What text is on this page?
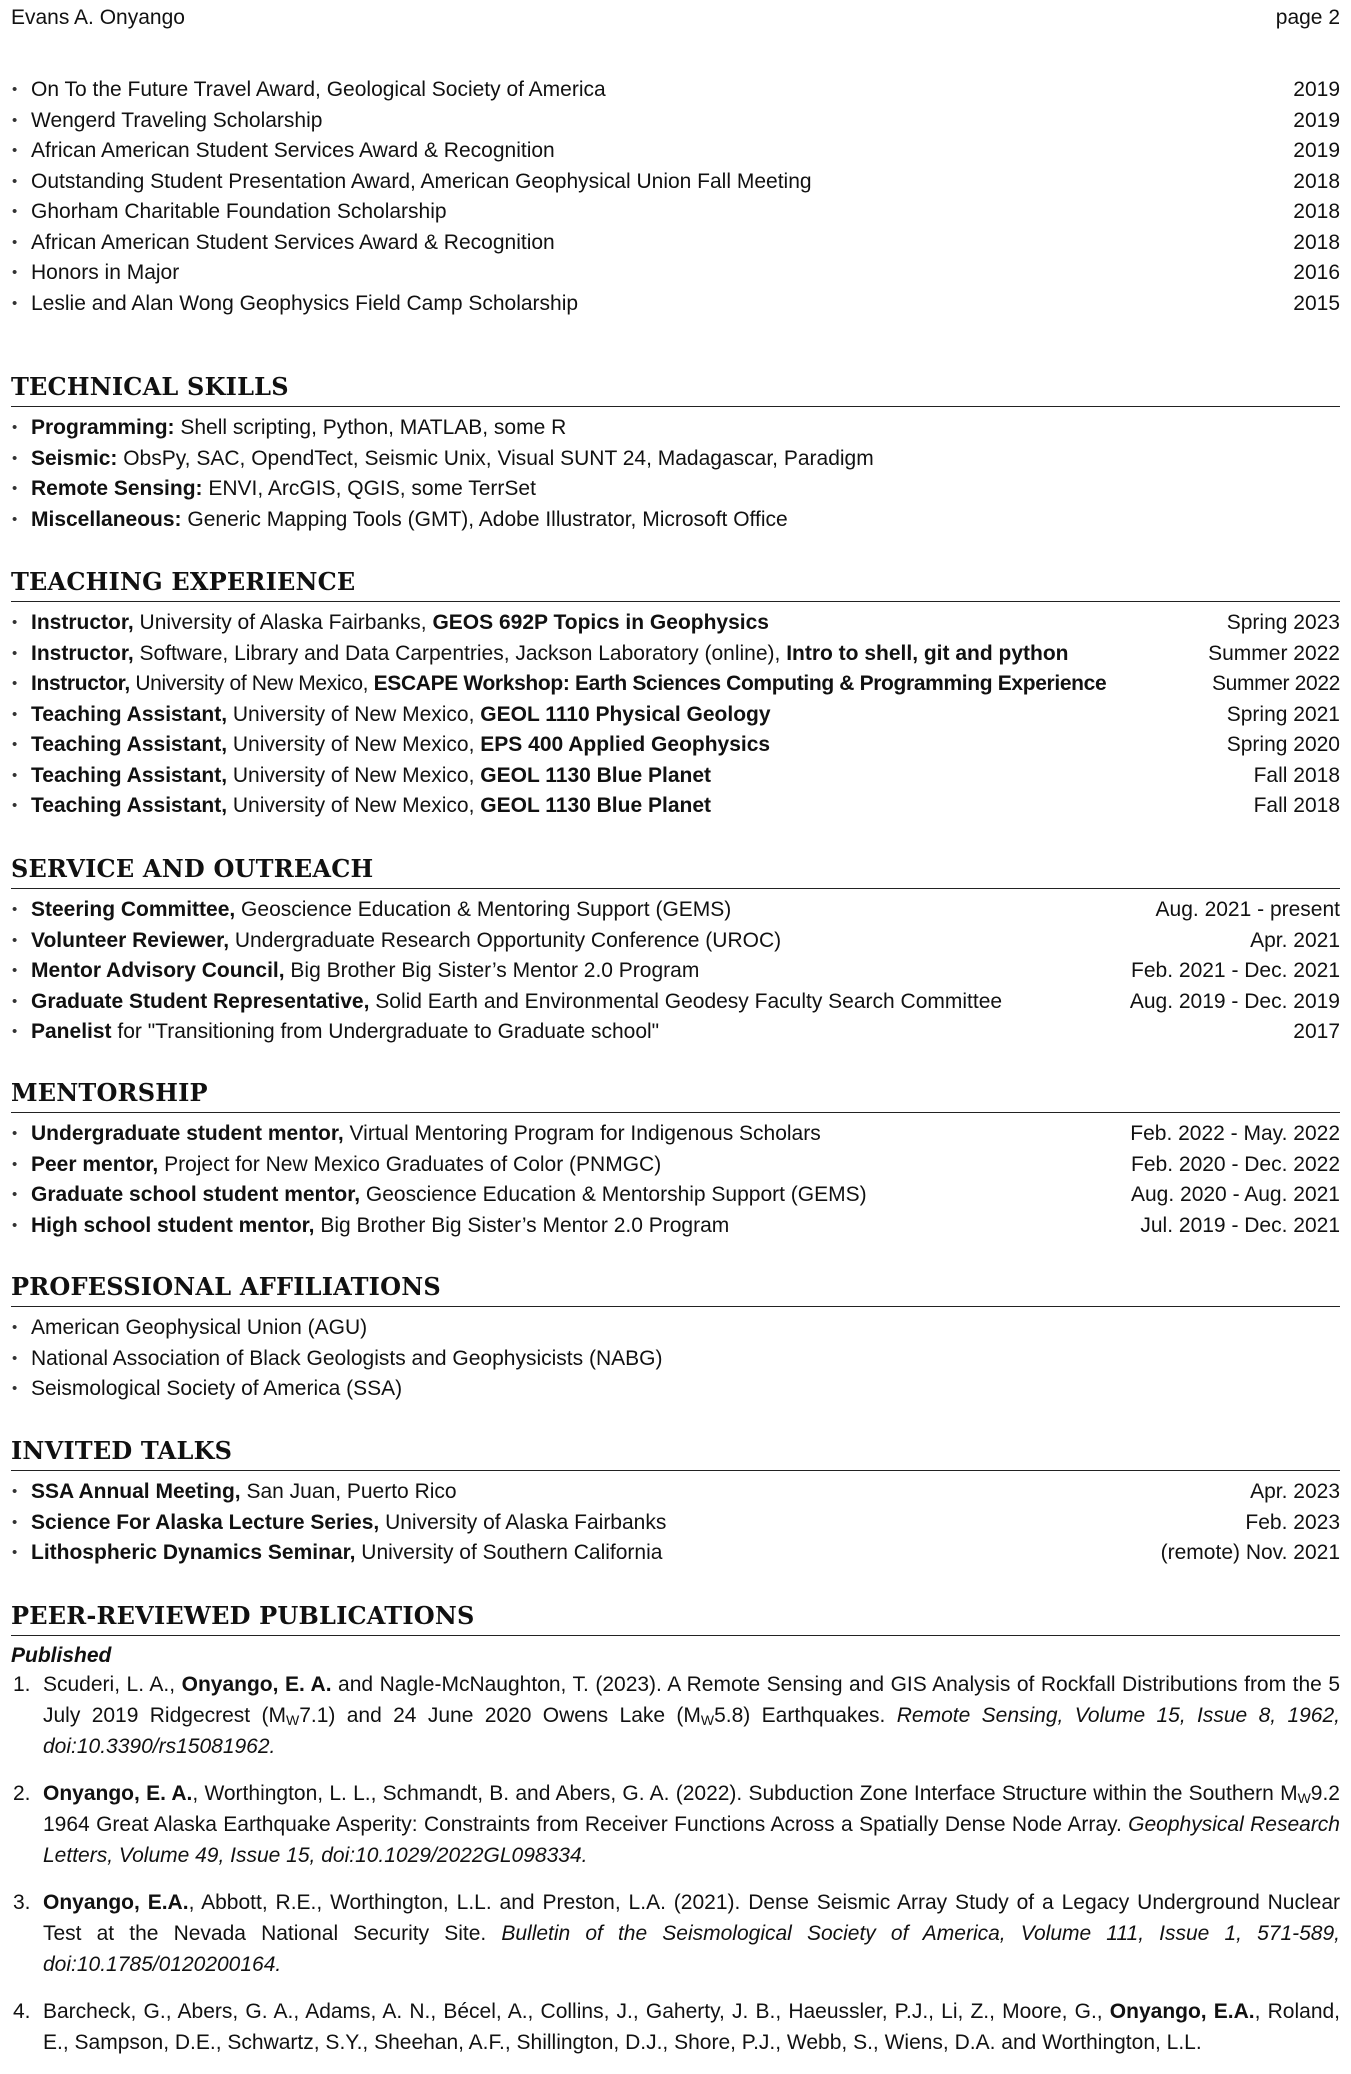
Evans A. Onyango	page 2
• On To the Future Travel Award, Geological Society of America	2019
• Wengerd Traveling Scholarship	2019
• African American Student Services Award & Recognition	2019
• Outstanding Student Presentation Award, American Geophysical Union Fall Meeting	2018
• Ghorham Charitable Foundation Scholarship	2018
• African American Student Services Award & Recognition	2018
• Honors in Major	2016
• Leslie and Alan Wong Geophysics Field Camp Scholarship	2015
TECHNICAL SKILLS
• Programming: Shell scripting, Python, MATLAB, some R
• Seismic: ObsPy, SAC, OpendTect, Seismic Unix, Visual SUNT 24, Madagascar, Paradigm
• Remote Sensing: ENVI, ArcGIS, QGIS, some TerrSet
• Miscellaneous: Generic Mapping Tools (GMT), Adobe Illustrator, Microsoft Office
TEACHING EXPERIENCE
• Instructor, University of Alaska Fairbanks, GEOS 692P Topics in Geophysics	Spring 2023
• Instructor, Software, Library and Data Carpentries, Jackson Laboratory (online), Intro to shell, git and python	Summer 2022
• Instructor, University of New Mexico, ESCAPE Workshop: Earth Sciences Computing & Programming Experience	Summer 2022
• Teaching Assistant, University of New Mexico, GEOL 1110 Physical Geology	Spring 2021
• Teaching Assistant, University of New Mexico, EPS 400 Applied Geophysics	Spring 2020
• Teaching Assistant, University of New Mexico, GEOL 1130 Blue Planet	Fall 2018
• Teaching Assistant, University of New Mexico, GEOL 1130 Blue Planet	Fall 2018
SERVICE AND OUTREACH
• Steering Committee, Geoscience Education & Mentoring Support (GEMS)	Aug. 2021 - present
• Volunteer Reviewer, Undergraduate Research Opportunity Conference (UROC)	Apr. 2021
• Mentor Advisory Council, Big Brother Big Sister’s Mentor 2.0 Program	Feb. 2021 - Dec. 2021
• Graduate Student Representative, Solid Earth and Environmental Geodesy Faculty Search Committee	Aug. 2019 - Dec. 2019
• Panelist for "Transitioning from Undergraduate to Graduate school"	2017
MENTORSHIP
• Undergraduate student mentor, Virtual Mentoring Program for Indigenous Scholars	Feb. 2022 - May. 2022
• Peer mentor, Project for New Mexico Graduates of Color (PNMGC)	Feb. 2020 - Dec. 2022
• Graduate school student mentor, Geoscience Education & Mentorship Support (GEMS)	Aug. 2020 - Aug. 2021
• High school student mentor, Big Brother Big Sister’s Mentor 2.0 Program	Jul. 2019 - Dec. 2021
PROFESSIONAL AFFILIATIONS
• American Geophysical Union (AGU)
• National Association of Black Geologists and Geophysicists (NABG)
• Seismological Society of America (SSA)
INVITED TALKS
• SSA Annual Meeting, San Juan, Puerto Rico	Apr. 2023
• Science For Alaska Lecture Series, University of Alaska Fairbanks	Feb. 2023
• Lithospheric Dynamics Seminar, University of Southern California	(remote) Nov. 2021
PEER-REVIEWED PUBLICATIONS
Published
1. Scuderi, L. A., Onyango, E. A. and Nagle-McNaughton, T. (2023). A Remote Sensing and GIS Analysis of Rockfall Distributions from the 5 July 2019 Ridgecrest $(M_W7.1)$ and 24 June 2020 Owens Lake $(M_W5.8)$ Earthquakes. Remote Sensing, Volume 15, Issue 8, 1962, doi:10.3390/rs15081962.
2. Onyango, E. A., Worthington, L. L., Schmandt, B. and Abers, G. A. (2022). Subduction Zone Interface Structure within the Southern $M_W9.2$ 1964 Great Alaska Earthquake Asperity: Constraints from Receiver Functions Across a Spatially Dense Node Array. Geophysical Research Letters, Volume 49, Issue 15, doi:10.1029/2022GL098334.
3. Onyango, E.A., Abbott, R.E., Worthington, L.L. and Preston, L.A. (2021). Dense Seismic Array Study of a Legacy Underground Nuclear Test at the Nevada National Security Site. Bulletin of the Seismological Society of America, Volume 111, Issue 1, 571-589, doi:10.1785/0120200164.
4. Barcheck, G., Abers, G. A., Adams, A. N., Bécel, A., Collins, J., Gaherty, J. B., Haeussler, P.J., Li, Z., Moore, G., Onyango, E.A., Roland, E., Sampson, D.E., Schwartz, S.Y., Sheehan, A.F., Shillington, D.J., Shore, P.J., Webb, S., Wiens, D.A. and Worthington, L.L.
